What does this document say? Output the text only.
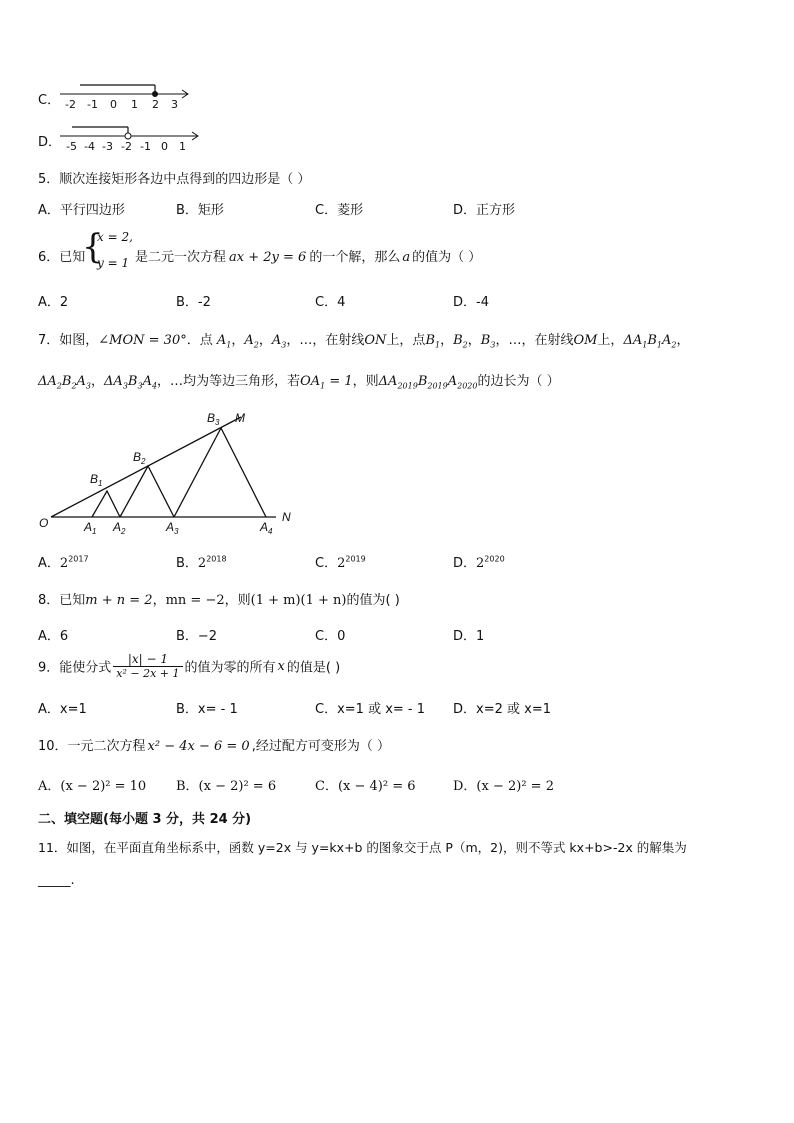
C． -2 -1 0 1 2 3
D． -5 -4 -3 -2 -1 0 1
5．顺次连接矩形各边中点得到的四边形是（ ）
A．平行四边形	B．矩形	C．菱形	D．正方形
6．已知
{
x = 2,
y = 1 是二元一次方程 ax + 2y = 6 的一个解，那么 a 的值为（ ）
A．2	B．-2	C．4	D．-4
7．如图，∠MON = 30°．点 $A_1$，$A_2$，$A_3$，…，在射线ON上，点$B_1$，$B_2$，$B_3$，…，在射线OM上，$\Delta A_1B_1A_2$，
$\Delta A_2B_2A_3$，$\Delta A_3B_3A_4$，…均为等边三角形，若$OA_1 = 1$，则$\Delta A_{2019}B_{2019}A_{2020}$的边长为（ ）
O
M
N
$A_1$ $A_2$	$A_3$	$A_4$
$B_1$
$B_2$
$B_3$
A．$2^{2017}$	B．$2^{2018}$	C．$2^{2019}$	D．$2^{2020}$
8．已知m + n = 2，mn = −2，则(1 + m)(1 + n)的值为( )
A．6	B．−2	C．0	D．1
9．能使分式 $\frac{|x| - 1}{\text{x² − 2x + 1}}$ 的值为零的所有 x 的值是( )
A．x=1	B．x= - 1	C．x=1 或 x= - 1 D．x=2 或 x=1
10．一元二次方程 x² − 4x − 6 = 0 ,经过配方可变形为（ ）
A．(x − 2)² = 10 B．(x − 2)² = 6	C．(x − 4)² = 6	D．(x − 2)² = 2
二、填空题(每小题 3 分，共 24 分)
11．如图，在平面直角坐标系中，函数 y=2x 与 y=kx+b 的图象交于点 P（m，2)，则不等式 kx+b>-2x 的解集为
_____.
